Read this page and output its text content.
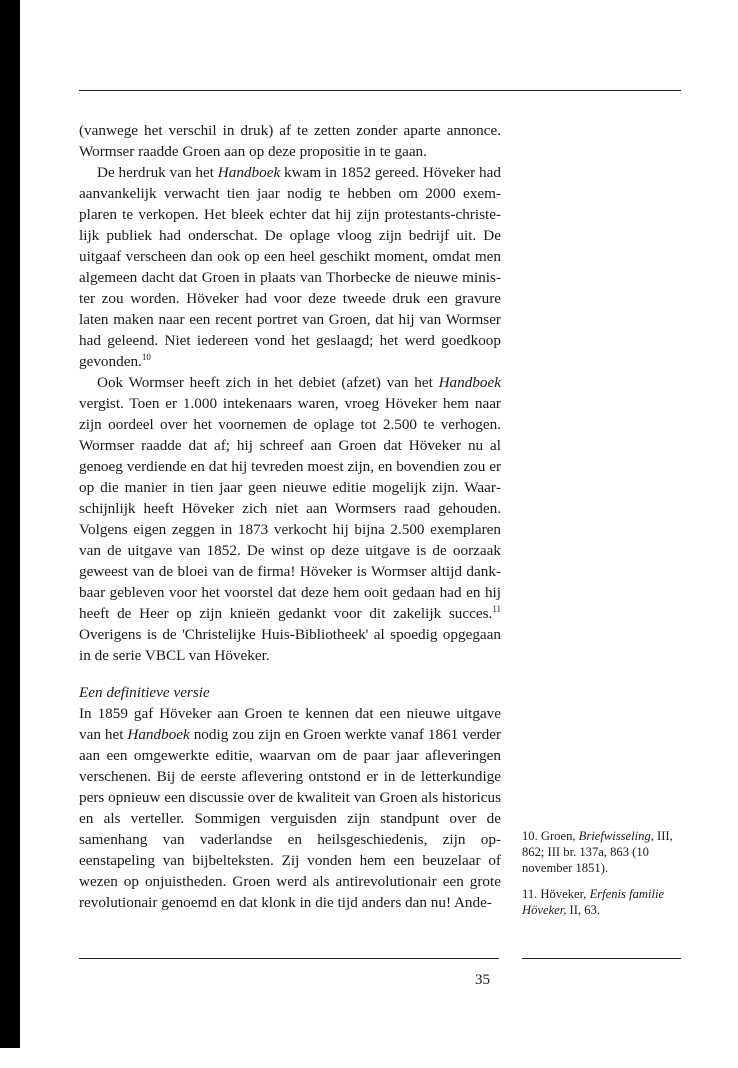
(vanwege het verschil in druk) af te zetten zonder aparte annonce. Wormser raadde Groen aan op deze propositie in te gaan.

De herdruk van het Handboek kwam in 1852 gereed. Höveker had aanvankelijk verwacht tien jaar nodig te hebben om 2000 exemplaren te verkopen. Het bleek echter dat hij zijn protestants-christelijk publiek had onderschat. De oplage vloog zijn bedrijf uit. De uitgaaf verscheen dan ook op een heel geschikt moment, omdat men algemeen dacht dat Groen in plaats van Thorbecke de nieuwe minister zou worden. Höveker had voor deze tweede druk een gravure laten maken naar een recent portret van Groen, dat hij van Wormser had geleend. Niet iedereen vond het geslaagd; het werd goedkoop gevonden.$^{10}$

Ook Wormser heeft zich in het debiet (afzet) van het Handboek vergist. Toen er 1.000 intekenaars waren, vroeg Höveker hem naar zijn oordeel over het voornemen de oplage tot 2.500 te verhogen. Wormser raadde dat af; hij schreef aan Groen dat Höveker nu al genoeg verdiende en dat hij tevreden moest zijn, en bovendien zou er op die manier in tien jaar geen nieuwe editie mogelijk zijn. Waarschijnlijk heeft Höveker zich niet aan Wormsers raad gehouden. Volgens eigen zeggen in 1873 verkocht hij bijna 2.500 exemplaren van de uitgave van 1852. De winst op deze uitgave is de oorzaak geweest van de bloei van de firma! Höveker is Wormser altijd dankbaar gebleven voor het voorstel dat deze hem ooit gedaan had en hij heeft de Heer op zijn knieën gedankt voor dit zakelijk succes.$^{11}$ Overigens is de 'Christelijke Huis-Bibliotheek' al spoedig opgegaan in de serie VBCL van Höveker.

Een definitieve versie

In 1859 gaf Höveker aan Groen te kennen dat een nieuwe uitgave van het Handboek nodig zou zijn en Groen werkte vanaf 1861 verder aan een omgewerkte editie, waarvan om de paar jaar afleveringen verschenen. Bij de eerste aflevering ontstond er in de letterkundige pers opnieuw een discussie over de kwaliteit van Groen als historicus en als verteller. Sommigen verguisden zijn standpunt over de samenhang van vaderlandse en heilsgeschiedenis, zijn opeenstapeling van bijbelteksten. Zij vonden hem een beuzelaar of wezen op onjuistheden. Groen werd als antirevolutionair een grote revolutionair genoemd en dat klonk in die tijd anders dan nu! Ande-

10. Groen, Briefwisseling, III, 862; III br. 137a, 863 (10 november 1851).

11. Höveker, Erfenis familie Höveker, II, 63.

35
